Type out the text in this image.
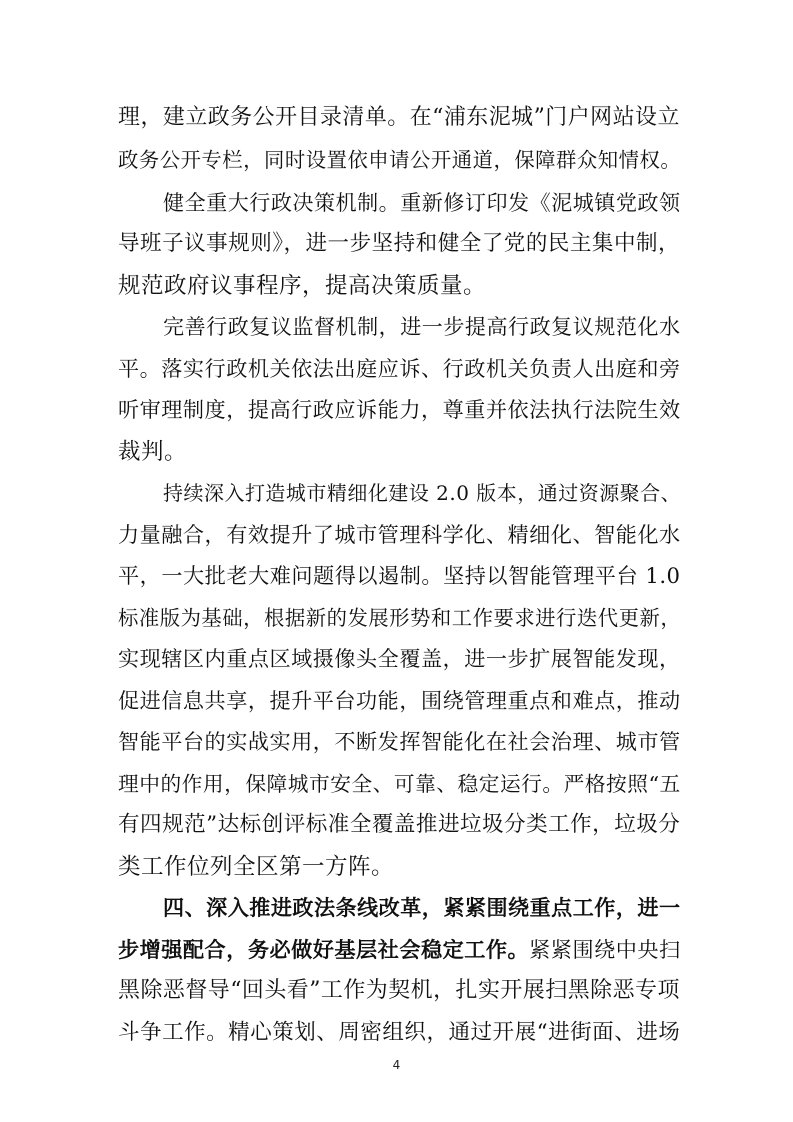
理，建立政务公开目录清单。在“浦东泥城”门户网站设立
政务公开专栏，同时设置依申请公开通道，保障群众知情权。
健全重大行政决策机制。重新修订印发《泥城镇党政领
导班子议事规则》，进一步坚持和健全了党的民主集中制，
规范政府议事程序，提高决策质量。
完善行政复议监督机制，进一步提高行政复议规范化水
平。落实行政机关依法出庭应诉、行政机关负责人出庭和旁
听审理制度，提高行政应诉能力，尊重并依法执行法院生效
裁判。
持续深入打造城市精细化建设 2.0 版本，通过资源聚合、
力量融合，有效提升了城市管理科学化、精细化、智能化水
平，一大批老大难问题得以遏制。坚持以智能管理平台 1.0
标准版为基础，根据新的发展形势和工作要求进行迭代更新，
实现辖区内重点区域摄像头全覆盖，进一步扩展智能发现，
促进信息共享，提升平台功能，围绕管理重点和难点，推动
智能平台的实战实用，不断发挥智能化在社会治理、城市管
理中的作用，保障城市安全、可靠、稳定运行。严格按照“五
有四规范”达标创评标准全覆盖推进垃圾分类工作，垃圾分
类工作位列全区第一方阵。
四、深入推进政法条线改革，紧紧围绕重点工作，进一
步增强配合，务必做好基层社会稳定工作。紧紧围绕中央扫
黑除恶督导“回头看”工作为契机，扎实开展扫黑除恶专项
斗争工作。精心策划、周密组织，通过开展“进街面、进场
4
